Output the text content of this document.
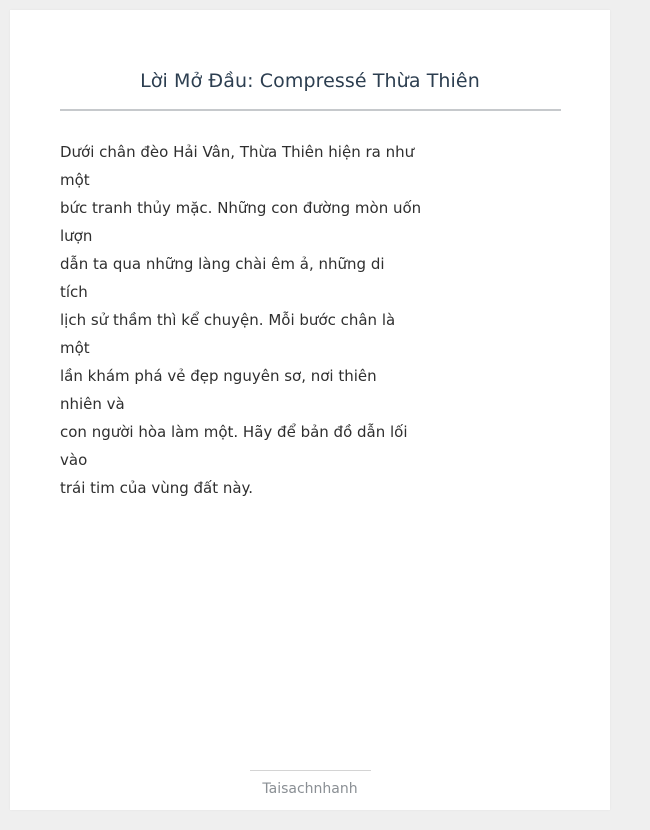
Lời Mở Đầu: Compressé Thừa Thiên
Dưới chân đèo Hải Vân, Thừa Thiên hiện ra như
một
bức tranh thủy mặc. Những con đường mòn uốn
lượn
dẫn ta qua những làng chài êm ả, những di
tích
lịch sử thầm thì kể chuyện. Mỗi bước chân là
một
lần khám phá vẻ đẹp nguyên sơ, nơi thiên
nhiên và
con người hòa làm một. Hãy để bản đồ dẫn lối
vào
trái tim của vùng đất này.
Taisachnhanh
